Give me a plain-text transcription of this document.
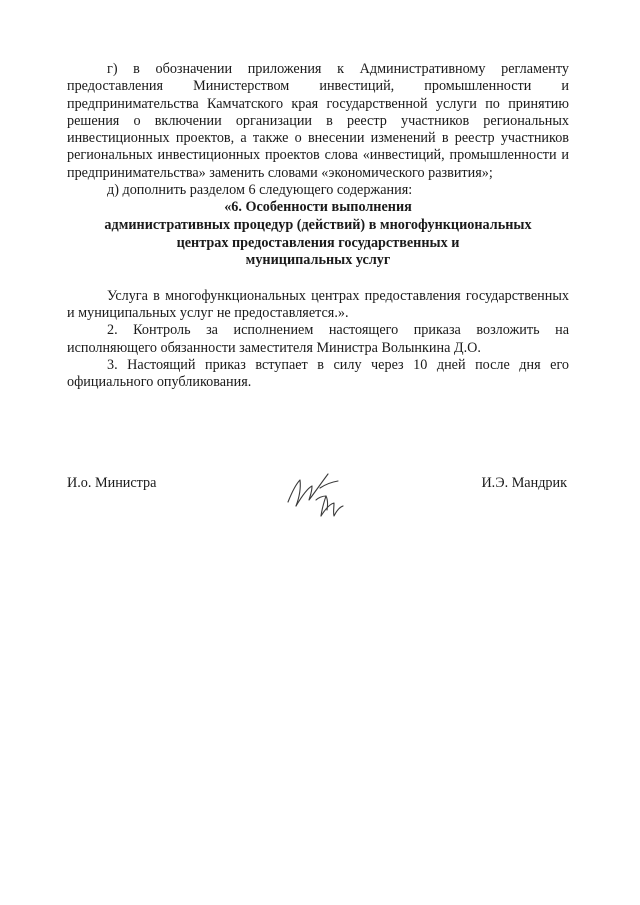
г) в обозначении приложения к Административному регламенту предоставления Министерством инвестиций, промышленности и предпринимательства Камчатского края государственной услуги по принятию решения о включении организации в реестр участников региональных инвестиционных проектов, а также о внесении изменений в реестр участников региональных инвестиционных проектов слова «инвестиций, промышленности и предпринимательства» заменить словами «экономического развития»;

д) дополнить разделом 6 следующего содержания:

«6. Особенности выполнения
административных процедур (действий) в многофункциональных
центрах предоставления государственных и
муниципальных услуг

Услуга в многофункциональных центрах предоставления государственных и муниципальных услуг не предоставляется.».

2. Контроль за исполнением настоящего приказа возложить на исполняющего обязанности заместителя Министра Волынкина Д.О.

3. Настоящий приказ вступает в силу через 10 дней после дня его официального опубликования.

И.о. Министра	И.Э. Мандрик
